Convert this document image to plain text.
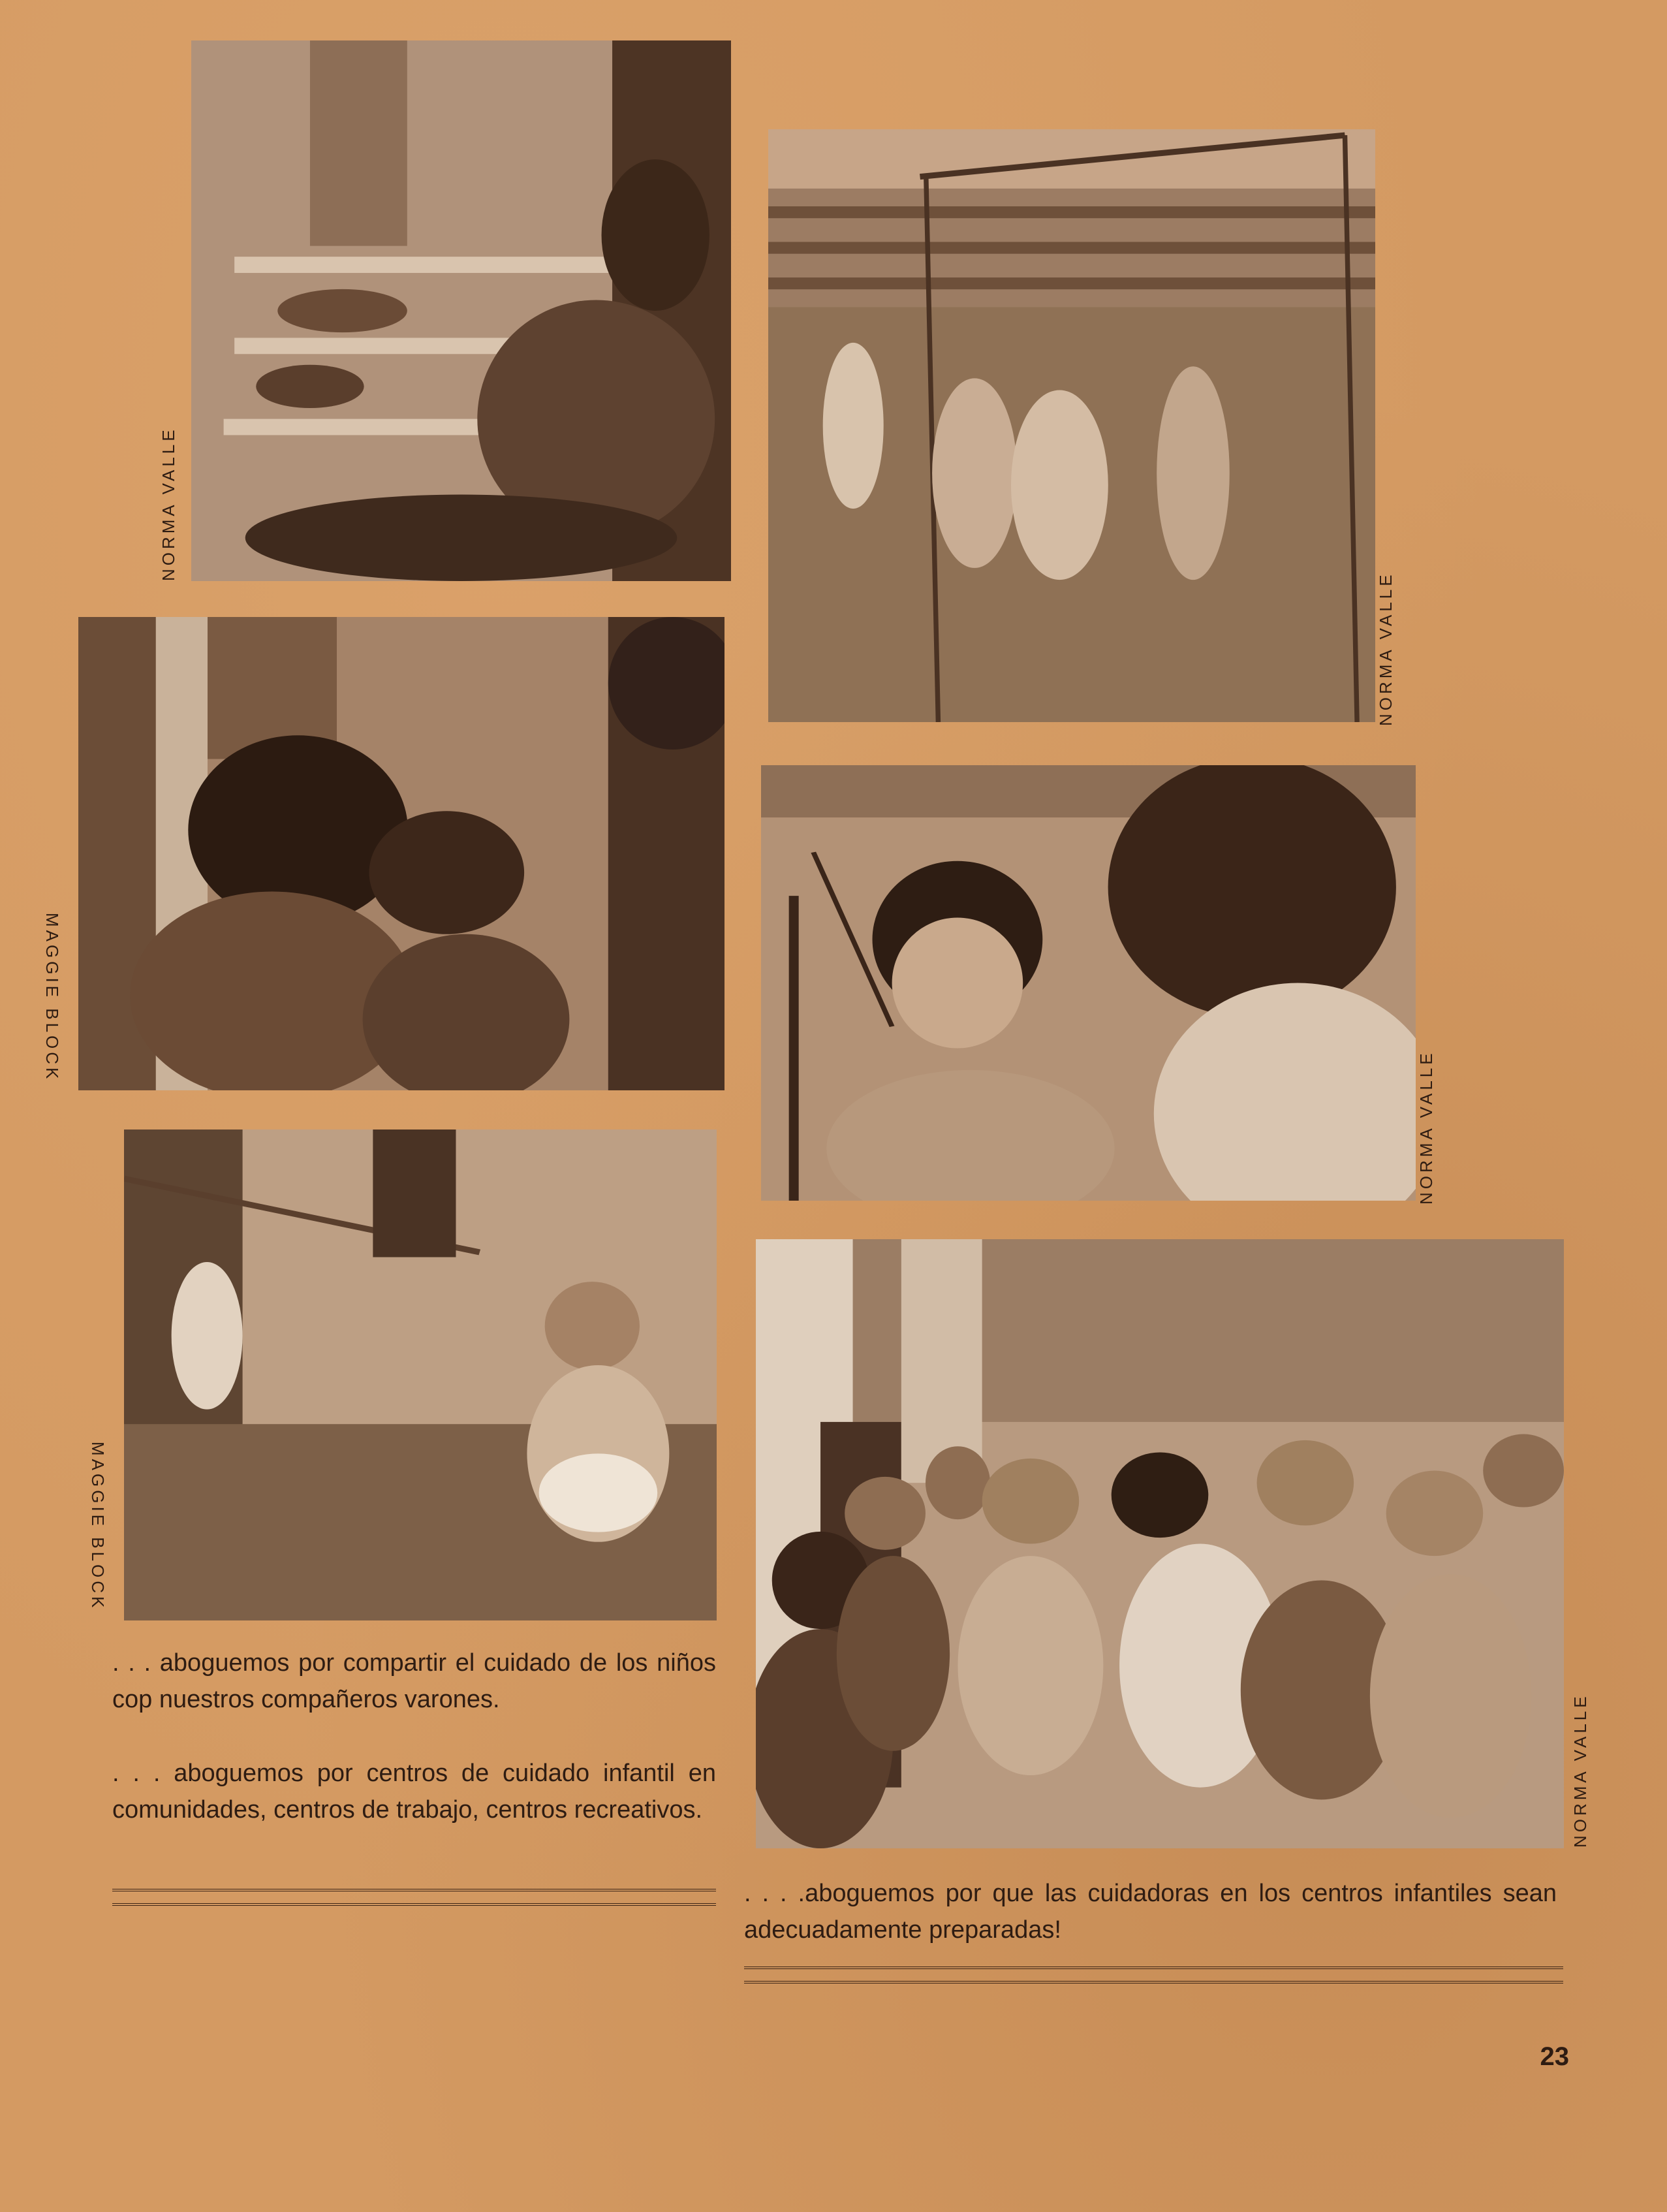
NORMA VALLE
NORMA VALLE
MAGGIE BLOCK
NORMA VALLE
MAGGIE BLOCK
NORMA VALLE
. . . aboguemos por compartir el cuidado de los niños cop nuestros compañeros varones.
. . . aboguemos por centros de cuidado infantil en comunidades, centros de trabajo, centros recreativos.
. . . .aboguemos por que las cuidadoras en los centros infantiles sean adecuadamente preparadas!
23
